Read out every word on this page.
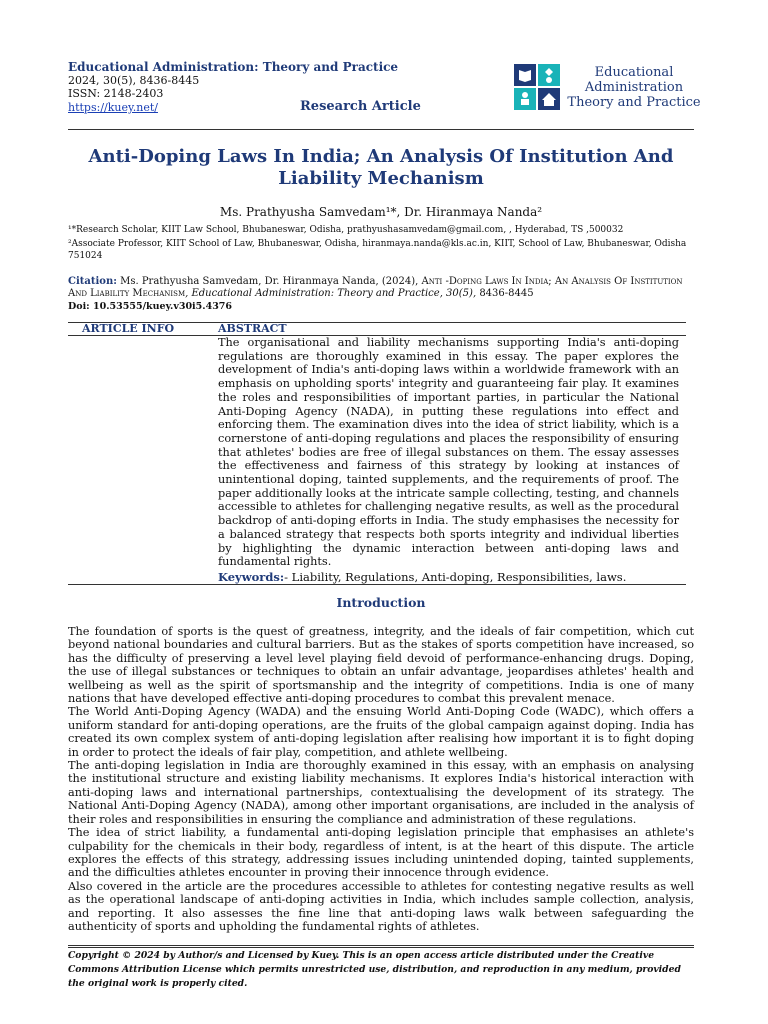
Educational Administration: Theory and Practice
2024, 30(5), 8436-8445
ISSN: 2148-2403
https://kuey.net/	Research Article
Educational
Administration
Theory and Practice
Anti-Doping Laws In India; An Analysis Of Institution And Liability Mechanism
Ms. Prathyusha Samvedam¹*, Dr. Hiranmaya Nanda²
¹*Research Scholar, KIIT Law School, Bhubaneswar, Odisha, prathyushasamvedam@gmail.com, , Hyderabad, TS ,500032
²Associate Professor, KIIT School of Law, Bhubaneswar, Odisha, hiranmaya.nanda@kls.ac.in, KIIT, School of Law, Bhubaneswar, Odisha 751024
Citation: Ms. Prathyusha Samvedam, Dr. Hiranmaya Nanda, (2024), Anti -Doping Laws In India; An Analysis Of Institution And Liability Mechanism, Educational Administration: Theory and Practice, 30(5), 8436-8445
Doi: 10.53555/kuey.v30i5.4376
ARTICLE INFO	ABSTRACT
The organisational and liability mechanisms supporting India's anti-doping regulations are thoroughly examined in this essay. The paper explores the development of India's anti-doping laws within a worldwide framework with an emphasis on upholding sports' integrity and guaranteeing fair play. It examines the roles and responsibilities of important parties, in particular the National Anti-Doping Agency (NADA), in putting these regulations into effect and enforcing them. The examination dives into the idea of strict liability, which is a cornerstone of anti-doping regulations and places the responsibility of ensuring that athletes' bodies are free of illegal substances on them. The essay assesses the effectiveness and fairness of this strategy by looking at instances of unintentional doping, tainted supplements, and the requirements of proof. The paper additionally looks at the intricate sample collecting, testing, and channels accessible to athletes for challenging negative results, as well as the procedural backdrop of anti-doping efforts in India. The study emphasises the necessity for a balanced strategy that respects both sports integrity and individual liberties by highlighting the dynamic interaction between anti-doping laws and fundamental rights.
Keywords:- Liability, Regulations, Anti-doping, Responsibilities, laws.
Introduction

The foundation of sports is the quest of greatness, integrity, and the ideals of fair competition, which cut beyond national boundaries and cultural barriers. But as the stakes of sports competition have increased, so has the difficulty of preserving a level level playing field devoid of performance-enhancing drugs. Doping, the use of illegal substances or techniques to obtain an unfair advantage, jeopardises athletes' health and wellbeing as well as the spirit of sportsmanship and the integrity of competitions. India is one of many nations that have developed effective anti-doping procedures to combat this prevalent menace.

The World Anti-Doping Agency (WADA) and the ensuing World Anti-Doping Code (WADC), which offers a uniform standard for anti-doping operations, are the fruits of the global campaign against doping. India has created its own complex system of anti-doping legislation after realising how important it is to fight doping in order to protect the ideals of fair play, competition, and athlete wellbeing.

The anti-doping legislation in India are thoroughly examined in this essay, with an emphasis on analysing the institutional structure and existing liability mechanisms. It explores India's historical interaction with anti-doping laws and international partnerships, contextualising the development of its strategy. The National Anti-Doping Agency (NADA), among other important organisations, are included in the analysis of their roles and responsibilities in ensuring the compliance and administration of these regulations.

The idea of strict liability, a fundamental anti-doping legislation principle that emphasises an athlete's culpability for the chemicals in their body, regardless of intent, is at the heart of this dispute. The article explores the effects of this strategy, addressing issues including unintended doping, tainted supplements, and the difficulties athletes encounter in proving their innocence through evidence.

Also covered in the article are the procedures accessible to athletes for contesting negative results as well as the operational landscape of anti-doping activities in India, which includes sample collection, analysis, and reporting. It also assesses the fine line that anti-doping laws walk between safeguarding the authenticity of sports and upholding the fundamental rights of athletes.

Copyright © 2024 by Author/s and Licensed by Kuey. This is an open access article distributed under the Creative Commons Attribution License which permits unrestricted use, distribution, and reproduction in any medium, provided the original work is properly cited.
